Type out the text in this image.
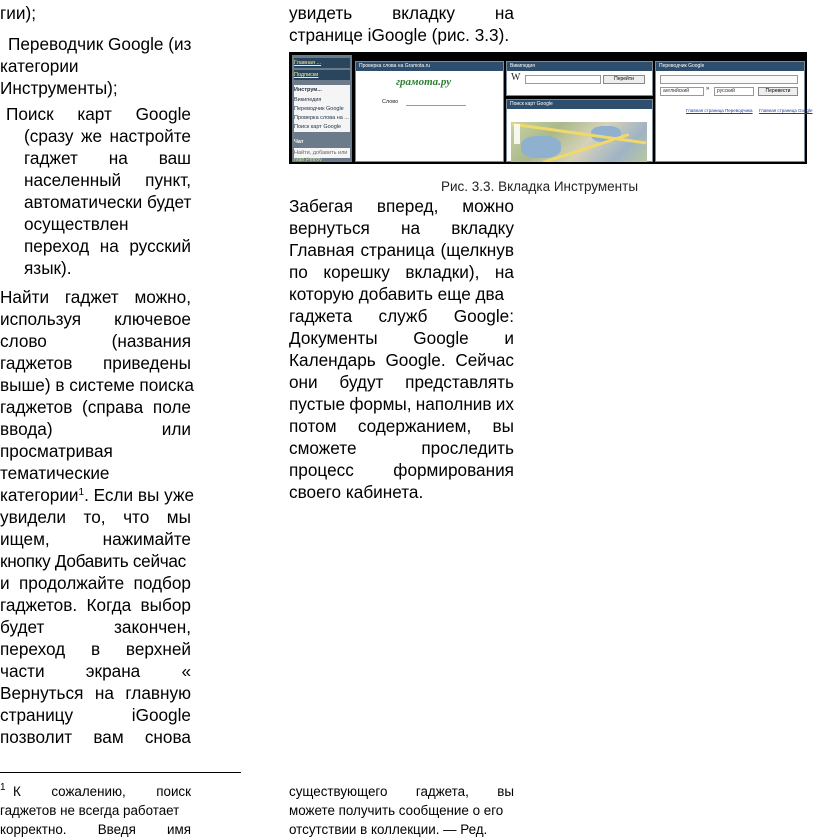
гии);
Переводчик Google (из
категории
Инструменты);
Поиск карт Google
(сразу же настройте
гаджет на ваш
населенный пункт,
автоматически будет
осуществлен
переход на русский
язык).
Найти гаджет можно,
используя ключевое
слово	(названия
гаджетов приведены
выше) в системе поиска
гаджетов (справа поле
ввода)	или
просматривая
тематические
категории$^1$. Если вы уже
увидели то, что мы
ищем,	нажимайте
кнопку Добавить сейчас
и продолжайте подбор
гаджетов. Когда выбор
будет	закончен,
переход в верхней
части экрана «
Вернуться на главную
страницу	iGoogle
позволит вам снова
увидеть вкладку на
странице iGoogle (рис. 3.3).
Главная ...
Подписки
Инструм...
Википедия
Переводчик Google
Проверка слова на ...
Поиск карт Google
Чат
Найти, добавить или
Ivan Petrov
Проверка слова на Gramota.ru
грамота.ру
Слово
Википедия
W	Перейти
Поиск карт Google
Переводчик Google
английский	»	русский	Перевести
Главная страница Переводчика Главная страница Google
Рис. 3.3. Вкладка Инструменты
Забегая вперед, можно
вернуться на вкладку
Главная страница (щелкнув
по корешку вкладки), на
которую добавить еще два
гаджета служб Google:
Документы Google и
Календарь Google. Сейчас
они будут представлять
пустые формы, наполнив их
потом содержанием, вы
сможете	проследить
процесс формирования
своего кабинета.
$^1$ К сожалению, поиск
гаджетов не всегда работает
корректно. Введя имя
существующего гаджета, вы
можете получить сообщение о его
отсутствии в коллекции. — Ред.
